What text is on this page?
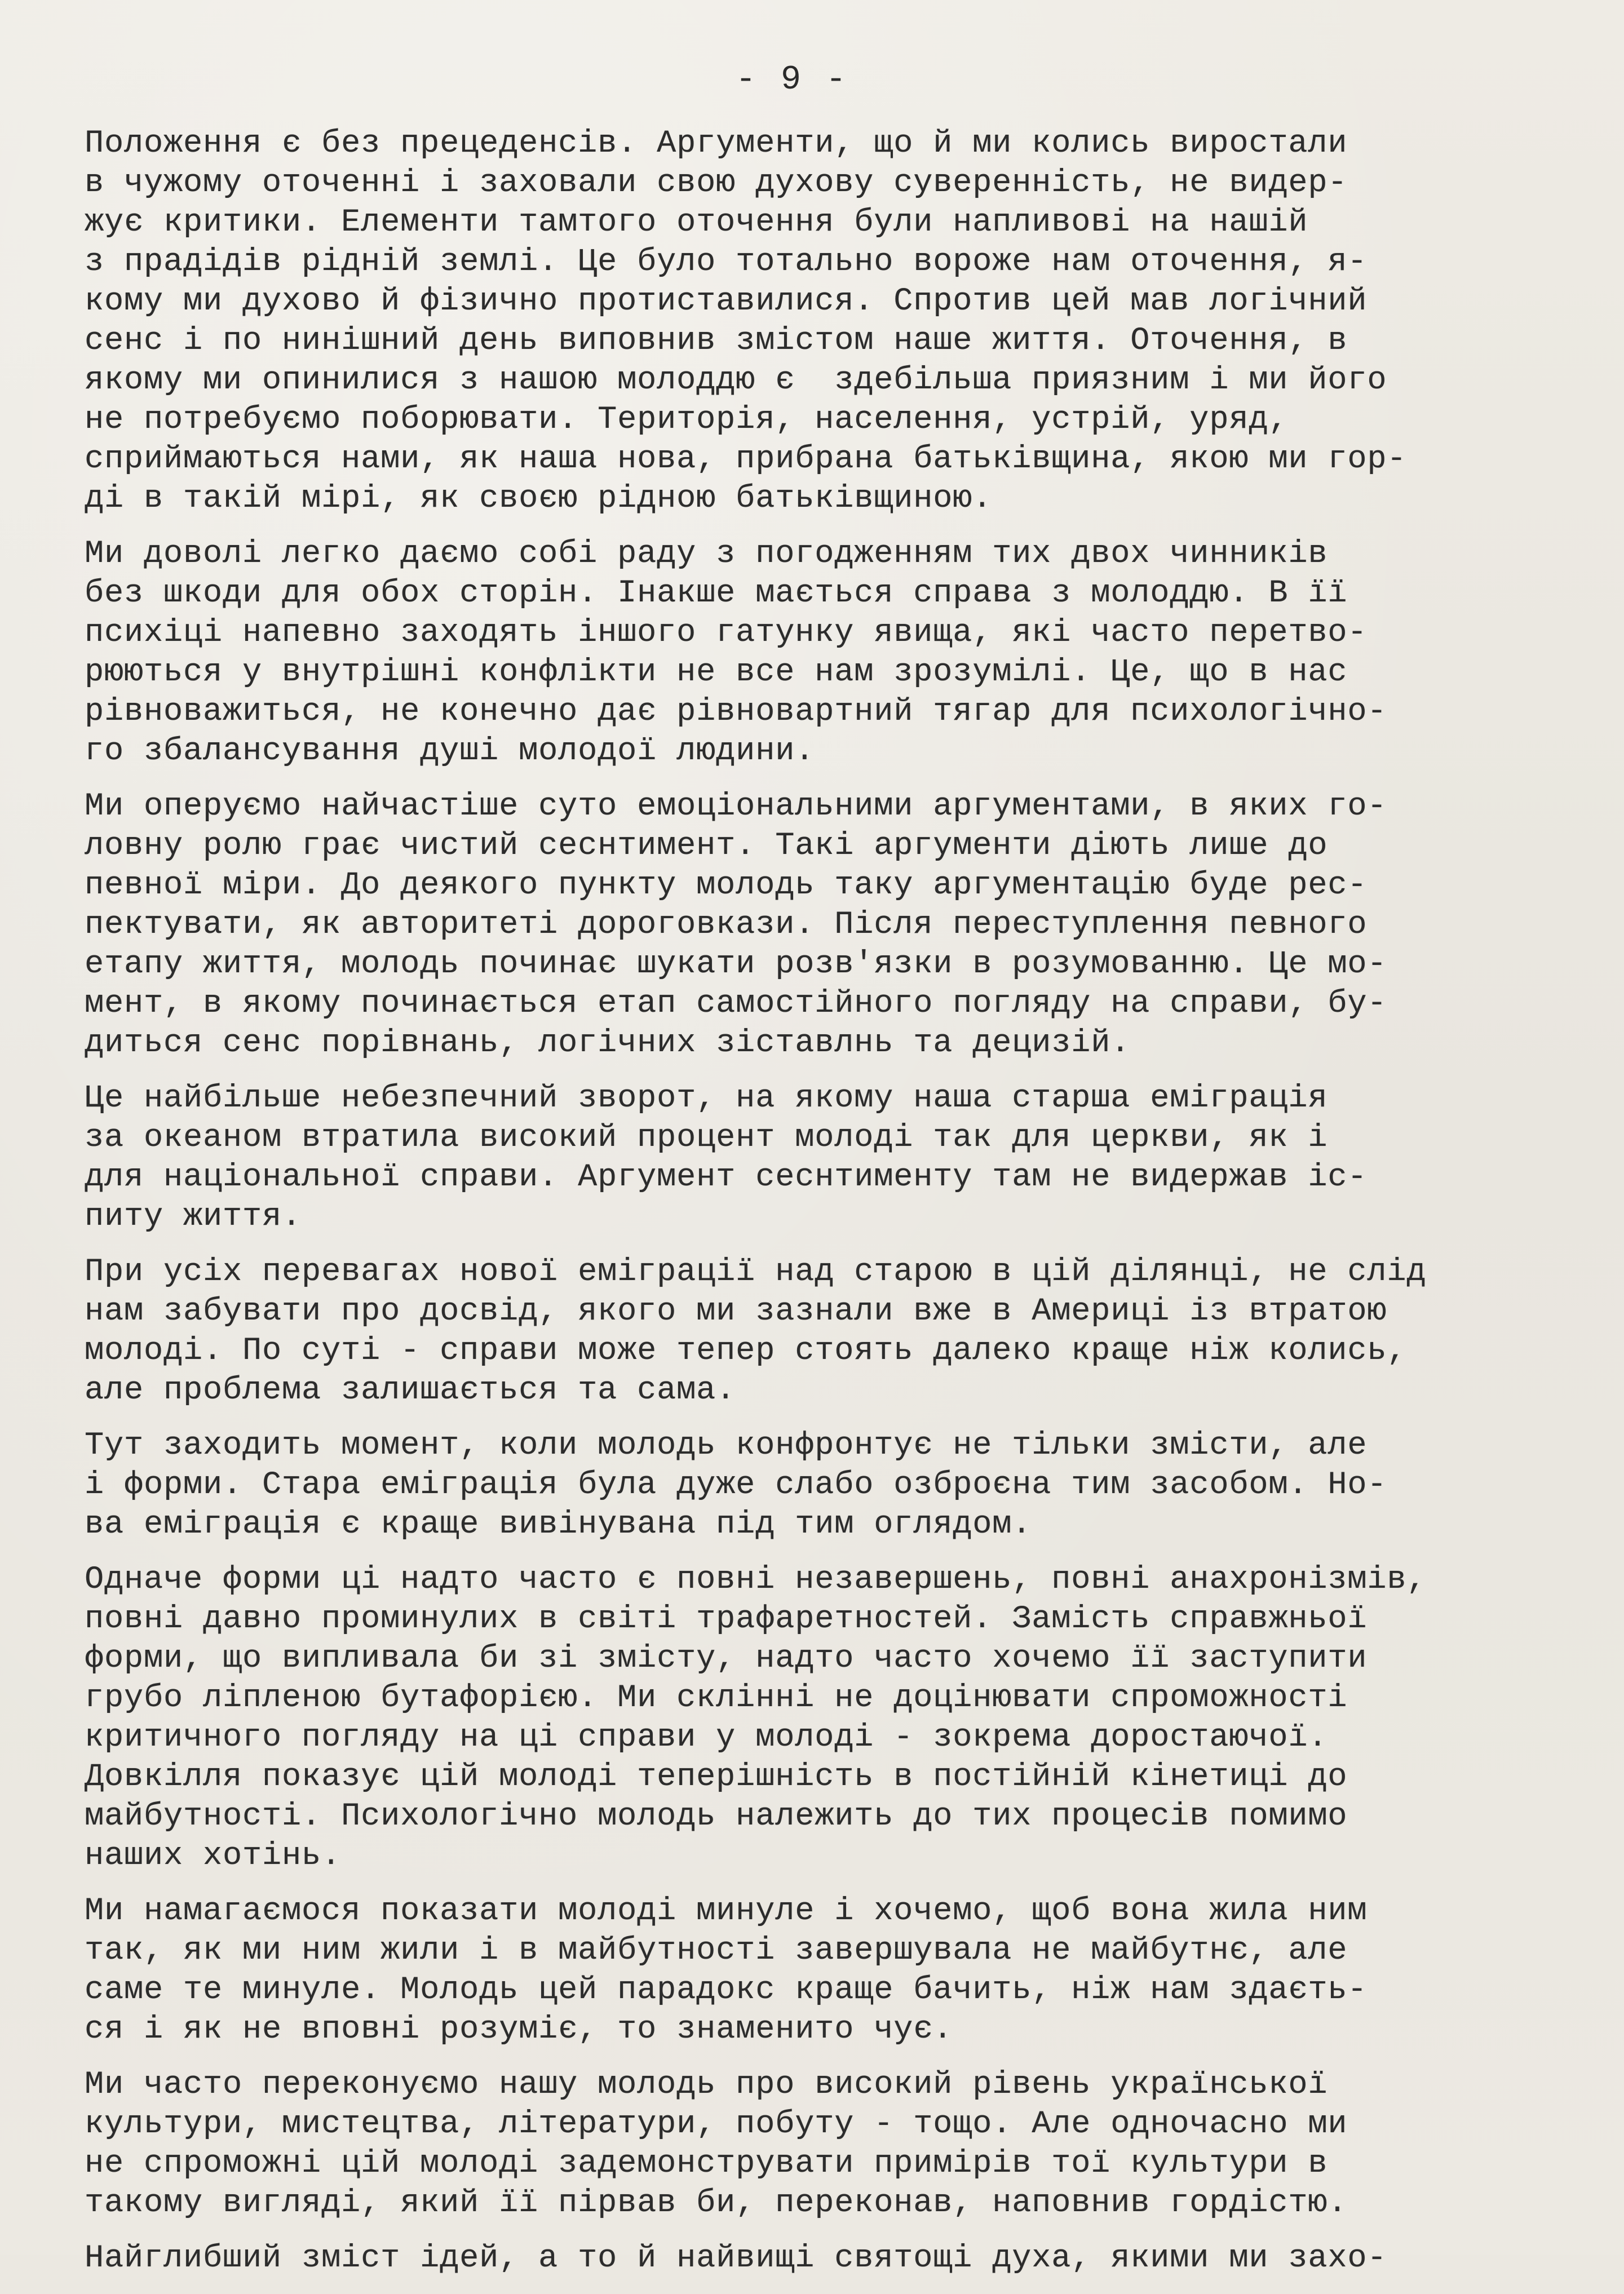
- 9 -
Положення є без прецеденсів. Аргументи, що й ми колись виростали
в чужому оточенні і заховали свою духову суверенність, не видер-
жує критики. Елементи тамтого оточення були напливові на нашій
з прадідів рідній землі. Це було тотально вороже нам оточення, я-
кому ми духово й фізично протиставилися. Спротив цей мав логічний
сенс і по нинішний день виповнив змістом наше життя. Оточення, в
якому ми опинилися з нашою молоддю є  здебільша приязним і ми його
не потребуємо поборювати. Територія, населення, устрій, уряд,
сприймаються нами, як наша нова, прибрана батьківщина, якою ми гор-
ді в такій мірі, як своєю рідною батьківщиною.
Ми доволі легко даємо собі раду з погодженням тих двох чинників
без шкоди для обох сторін. Інакше мається справа з молоддю. В її
психіці напевно заходять іншого гатунку явища, які часто перетво-
рюються у внутрішні конфлікти не все нам зрозумілі. Це, що в нас
рівноважиться, не конечно дає рівновартний тягар для психологічно-
го збалансування душі молодої людини.
Ми оперуємо найчастіше суто емоціональними аргументами, в яких го-
ловну ролю грає чистий сеснтимент. Такі аргументи діють лише до
певної міри. До деякого пункту молодь таку аргументацію буде рес-
пектувати, як авторитеті дороговкази. Після переступлення певного
етапу життя, молодь починає шукати розв'язки в розумованню. Це мо-
мент, в якому починається етап самостійного погляду на справи, бу-
диться сенс порівнань, логічних зіставлнь та децизій.
Це найбільше небезпечний зворот, на якому наша старша еміграція
за океаном втратила високий процент молоді так для церкви, як і
для національної справи. Аргумент сеснтименту там не видержав іс-
питу життя.
При усіх перевагах нової еміграції над старою в цій ділянці, не слід
нам забувати про досвід, якого ми зазнали вже в Америці із втратою
молоді. По суті - справи може тепер стоять далеко краще ніж колись,
але проблема залишається та сама.
Тут заходить момент, коли молодь конфронтує не тільки змісти, але
і форми. Стара еміграція була дуже слабо озброєна тим засобом. Но-
ва еміграція є краще вивінувана під тим оглядом.
Одначе форми ці надто часто є повні незавершень, повні анахронізмів,
повні давно проминулих в світі трафаретностей. Замість справжньої
форми, що випливала би зі змісту, надто часто хочемо її заступити
грубо ліпленою бутафорією. Ми склінні не доцінювати спроможності
критичного погляду на ці справи у молоді - зокрема доростаючої.
Довкілля показує цій молоді теперішність в постійній кінетиці до
майбутності. Психологічно молодь належить до тих процесів помимо
наших хотінь.
Ми намагаємося показати молоді минуле і хочемо, щоб вона жила ним
так, як ми ним жили і в майбутності завершувала не майбутнє, але
саме те минуле. Молодь цей парадокс краще бачить, ніж нам здаєть-
ся і як не вповні розуміє, то знаменито чує.
Ми часто переконуємо нашу молодь про високий рівень української
культури, мистецтва, літератури, побуту - тощо. Але одночасно ми
не спроможні цій молоді задемонструвати примірів тої культури в
такому вигляді, який її пірвав би, переконав, наповнив гордістю.
Найглибший зміст ідей, а то й найвищі святощі духа, якими ми захо-
